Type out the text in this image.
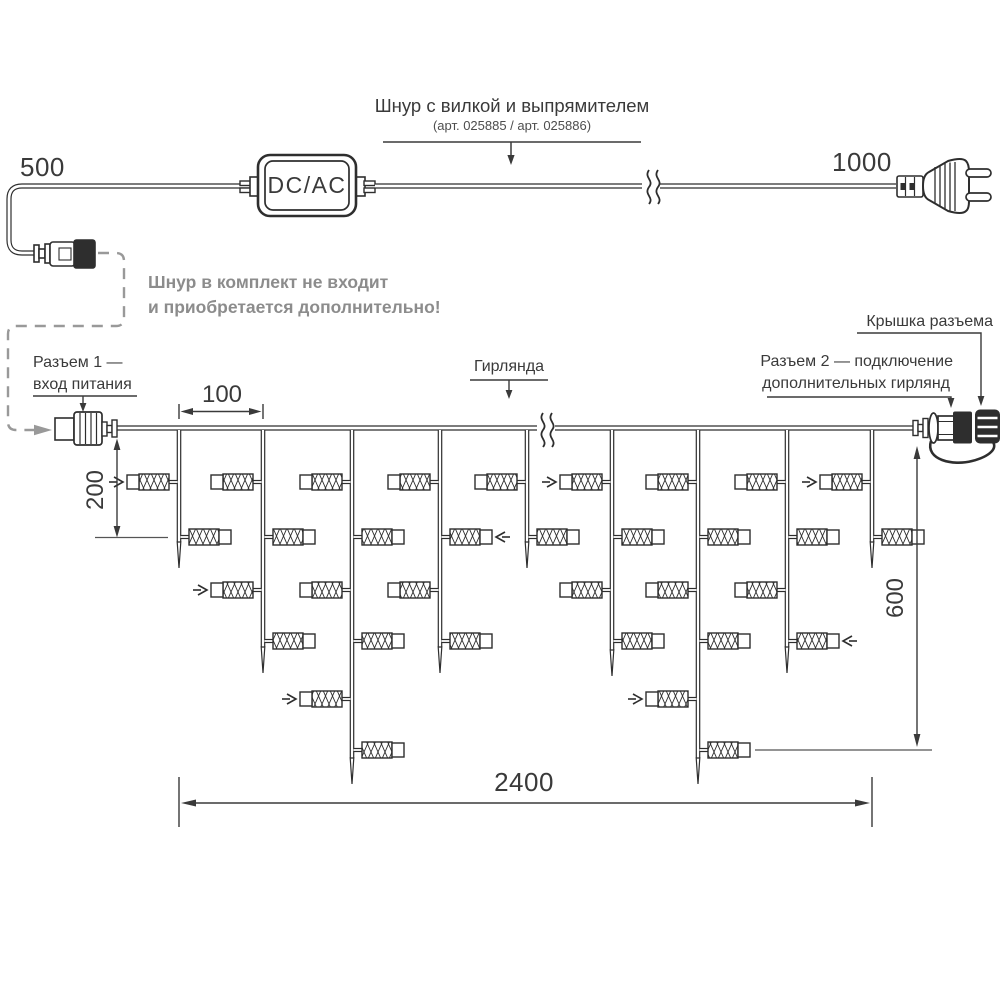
DC/AC
500	1000
Шнур с вилкой и выпрямителем
(арт. 025885 / арт. 025886)
Шнур в комплект не входит
и приобретается дополнительно!
Разъем 1 —
вход питания
Гирлянда	Разъем 2 — подключение
дополнительных гирлянд
Крышка разъема
100
200
600
2400
